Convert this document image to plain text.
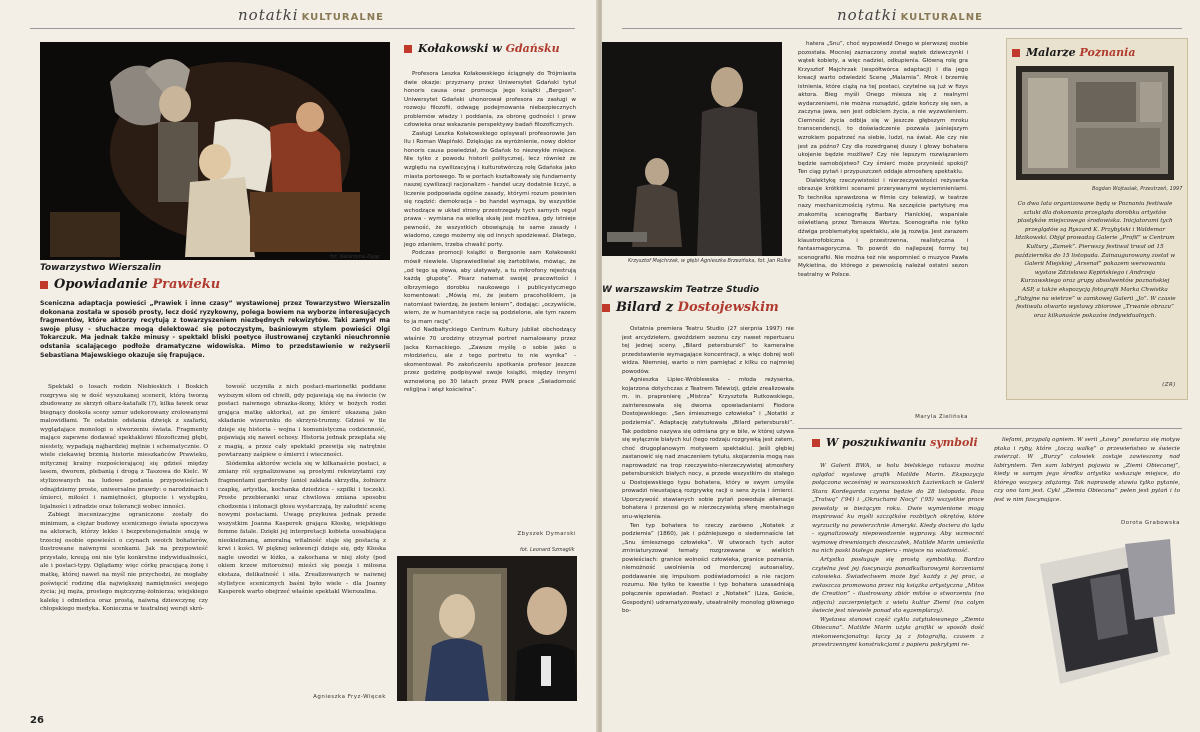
notatki KULTURALNE
fot. Katarzyna Zając
Towarzystwo Wierszalin
Opowiadanie Prawieku
Sceniczna adaptacja powieści „Prawiek i inne czasy” wystawionej przez Towarzystwo Wierszalin dokonana została w sposób prosty, lecz dość ryzykowny, polega bowiem na wyborze interesujących fragmentów, które aktorzy recytują z towarzyszeniem niezbędnych rekwizytów. Taki zamysł ma swoje plusy - słuchacze mogą delektować się potoczystym, baśniowym stylem powieści Olgi Tokarczuk. Ma jednak także minusy - spektakl bliski poetyce ilustrowanej czytanki nieuchronnie odstania scalającego podłoże dramatyczne widowiska. Mimo to przedstawienie w reżyserii Sebastiana Majewskiego okazuje się frapujące.

Spektakl o losach rodzin Niebieskich i Boskich rozgrywa się w dość wyszukanej scenerii, którą tworzą zbudowany ze skrzyń ołtarz-katafalk (?), kilka ławek oraz biegnący dookoła sceny sznur udekorowany zrolowanymi malowidłami. Te ostatnie odsłania dźwięk z szafarki, wyglądające monologi o stworzeniu świata. Fragmenty mające zapewne dodawać spektaklowi filozoficznej głębi, niestety, wypadają najbardziej mętnie i schematycznie. O wiele ciekawiej brzmią historie mieszkańców Prawieku, mitycznej krainy rozpościerającej się gdzieś między lasem, dworem, plebanią i drogą z Taszowa do Kielc. W stylizowanych na ludowe podania przypowieściach odnajdziemy proste, uniwersalne prawdy: o narodzinach i śmierci, miłości i namiętności, głupocie i występku, lojalności i zdradzie oraz tolerancji wobec inności.

Zabiegi inscenizacyjne ograniczone zostały do minimum, a ciężar budowy scenicznego świata spoczywa na aktorach, którzy lekko i bezpretensjonalnie snują w trzeciej osobie opowieści o czynach swoich bohaterów, ilustrowane naiwnymi scenkami. Jak na przypowieść przystało, kreują oni nie tyle konkretne indywidualności, ale i postaci-typy. Oglądamy więc córkę pracującą żonę i matkę, której nawet na myśl nie przychodzi, że mogłaby poświęcić rodzinę dla największej namiętności swojego życia; jej męża, prostego mężczyznę-żołnierza; wiejskiego kalekę i odmieńca oraz prostą, naiwną dziewczynę czy chłopskiego medyka. Konieczna w teatralnej wersji skró-

towość uczyniła z nich postaci-marionetki poddane wyższym siłom od chwili, gdy pojawiają się na świecie (w postaci naiwnego obrazka-ikony, który w bożych rodzi grająca matkę aktorka), aż po śmierć ukazaną jako składanie wizerunku do skrzyni-trumny. Gdzieś w tle dzieje się historia - wojna i komunistyczna codzienność, pojawiają się nawet echosy. Historia jednak przeplata się z magią, a przez cały spektakl przewija się natrętnie powtarzany zaśpiew o śmierci i wieczności.

Siódemka aktorów wciela się w kilkanaście postaci, a zmiany ról sygnalizowane są prostymi rekwizytami czy fragmentami garderoby (aniol zakłada skrzydła, żołnierz czapkę, artystka, kochanka dziedzica - szpilki i toczek). Proste przebieranki oraz chwilowa zmiana sposobu chodzenia i intonacji głosu wystarczają, by załudnić scenę nowymi postaciami. Uwagę przykuwa jednak przede wszystkim Joanna Kasperek grająca Kłoskę, wiejskiego femme fatale. Dzięki jej interpretacji kobieta uosabiająca nieokiełznaną, amoralną witalność staje się postacią z krwi i kości. W pięknej sekwencji dzieje się, gdy Kłoska nagle uwodzi w łóżku, a zakochana w niej złoty (pod okiem krzew mitorożnu) mieści się poezja i miłosna ekstaza, delikatność i siła. Zrealizowanych w naiwnej stylistyce scenicznych baśni było wiele - dla Joanny Kasperek warto obejrzeć właśnie spektakl Wierszalina.

Agnieszka Fryz-Więcek
Kołakowski w Gdańsku

Profesora Leszka Kołakowskiego ściągnęły do Trójmiasta dwie okazje: przyznany przez Uniwersytet Gdański tytuł honoris causa oraz promocja jego książki „Bergson”. Uniwersytet Gdański uhonorował profesora za zasługi w rozwoju filozofii, odwagę podejmowania niebezpiecznych problemów władzy i poddania, za obronę godności i praw człowieka oraz wskazanie perspektywy badań filozoficznych.

Zasługi Leszka Kołakowskiego opisywali profesorowie Jan Ilu i Roman Wapiński. Dziękując za wyróżnienie, nowy doktor honoris causa powiedział, że Gdańsk to niezwykłe miejsce. Nie tylko z powodu historii politycznej, lecz również ze względu na cywilizacyjną i kulturotwórczą rolę Gdańska jako miasta portowego. To w portach kształtowały się fundamenty naszej cywilizacji racjonalizm - handel uczy dodatnie liczyć, a liczenie podpowiada ogólne zasady, którymi rozum powinien się rządzić: demokracja - bo handel wymaga, by wszystkie wchodzące w układ strony przestrzegały tych samych reguł prawa - wymiana na wielką skalę jest możliwa, gdy istnieje pewność, że wszystkich obowiązują te same zasady i wiadomo, czego możemy się od innych spodziewać. Dlatego, jego zdaniem, trzeba chwalić porty.

Podczas promocji książki o Bergsonie sam Kołakowski mówił niewiele. Usprawiedliwiał się żartobliwie, mówiąc, że „od tego są słowa, aby ulatywały, a tu mikrofony rejestrują każdą głupotę”. Pisarz natemat swojej pracowitości i olbrzymiego dorobku naukowego i publicystycznego komentował: „Mówią mi, że jestem pracoholikiem, ja natomiast twierdzę, że jestem leniem”, dodając: „oczywiście, wiem, że w humanistyce racje są podzielone, ale tym razem to ja mam rację”.

Od Nadbałtyckiego Centrum Kultury jubilat obchodzący właśnie 70 urodziny otrzymał portret namalowany przez Jacka Kornackiego. „Zawsze myślę o sobie jako o młodzieńcu, ale z tego portretu to nie wynika” - skomentował. Po zakończeniu spotkania profesor jeszcze przez godzinę podpisywał swoje książki, między innymi wznowioną po 30 latach przez PWN prace „Świadomość religijna i więź kościelna”.

Zbyszek Dymarski
fot. Leonard Szmaglik
26
notatki KULTURALNE
Krzysztof Majchrzak, w głębi Agnieszka Brzezińska, fot. Jan Rolke
W warszawskim Teatrze Studio
Bilard z Dostojewskim

Ostatnia premiera Teatru Studio (27 sierpnia 1997) nie jest arcydziełem, gwoździem sezonu czy nawet repertuaru tej jednej sceny. „Bilard petersburski” to kameralne przedstawienie wymagające koncentracji, a więc dobrej woli widza. Niemniej, warto o nim pamiętać z kilku co najmniej powodów.

Agnieszka Lipiec-Wróblewska - młoda reżyserka, kojarzona dotychczas z Teatrem Telewizji, gdzie zrealizowała m. in. praprenierę „Mistrza” Krzysztofa Rutkowskiego, zainteresowała się dwoma opowiadaniami Fiodora Dostojewskiego: „Sen śmiesznego człowieka” i „Notatki z podziemia”. Adaptację zatytułowała „Bilard petersburski”. Tak podobno nazywa się odmiana gry w bile, w której używa się wyłącznie białych kul (tego rodzaju rozgrywką jest zatem, choć drugoplanowym motywem spektaklu). Jeśli głębiej zastanowić się nad znaczeniem tytułu, skojarzenia mogą nas naprowadzić na trop rzeczywisto-nierzeczywistej atmosfery petersburskich białych nocy, a przede wszystkim do stałego u Dostojewskiego typu bohatera, który w swym umyśle prowadzi nieustającą rozgrywkę racji o sens życia i śmierci. Uporczywość stawianych sobie pytań powoduje alienacje bohatera i przenosi go w nierzeczywistą sferę mentalnego snu-więzienia.

Ten typ bohatera to rzeczy zarówno „Notatek z podziemia” (1860), jak i późniejszego o siedemnaście lat „Snu śmiesznego człowieka”. W utworach tych autor zminiaturyzował tematy rozgrzewane w wielkich powieściach: granice wolności człowieka, granice poznania, niemożność uwolnienia od morderczej autoanalizy, poddawanie się impulsom podświadomości a nie racjom rozumu. Nie tylko te kwestie i typ bohatera uzasadniają połączenie opowiadań. Postaci z „Notatek” (Liza, Goście, Gospodyni) udramatyzowały, uteatralniły monolog głównego bo-

hatera „Snu”, choć wypowiedź Onego w pierwszej osobie pozostała. Mocniej zaznaczony został wątek dziewczynki i wątek kobiety, a więc nadziei, odkupienia. Główną rolę gra Krzysztof Majchrzak (współtwórca adaptacji) i dla jego kreacji warto odwiedzić Scenę „Malarnia”. Mrok i brzemię istnienia, które ciążą na tej postaci, czytelne są już w fizys aktora. Bieg myśli Onego miesza się z realnymi wydarzeniami, nie można rozsądzić, gdzie kończy się sen, a zaczyna jawa, sen jest odbiciem życia, a nie wyzwoleniem. Ciemność życia odbija się w jeszcze głębszym mroku transcendencji, to doświadczenie pozwala jaśniejszym wzrokiem popatrzeć na siebie, ludzi, na świat. Ale czy nie jest za późno? Czy dla rozedrganej duszy i głowy bohatera ukojenie będzie możliwe? Czy nie lepszym rozwiązaniem będzie samobójstwo? Czy śmierć może przynieść spokój? Ten ciąg pytań i przypuszczeń oddaje atmosferę spektaklu.

Dialektykę rzeczywistości i nierzeczywistości reżyserka obrazuje krótkimi scenami przerywanymi wyciemnieniami. To technika sprawdzona w filmie czy telewizji, w teatrze nazy mechanicznością rytmu. Na szczęście partyturę ma znakomitą scenografię Barbary Hanickiej, wspaniale oświetlaną przez Tomasza Wertza. Scenografia nie tylko dźwiga problematykę spektaklu, ale ją rozwija. Jest zarazem klaustrofobiczna i przestrzenna, realistyczna i fantasmagoryczna. To powrót do najlepszej formy tej scenografki. Nie można też nie wspomnieć o muzyce Pawła Mykietina, do którego z pewnością należał ostatni sezon teatralny w Polsce.

Maryla Zielińska
Malarze Poznania
Bogdan Wojtasiak, Przestrzeń, 1997
Co dwa lata organizowane będą w Poznaniu festiwale sztuki dla dokonania przeglądu dorobku artystów plastyków miejscowego środowiska. Inicjatorami tych przeglądów są Ryszard K. Przybylski i Waldemar Idzikowski. Objął prowadzą Galerie „Profil” w Centrum Kultury „Zamek”. Pierwszy festiwal trwał od 15 października do 15 listopada. Zainaugurowany został w Galerii Miejskiej „Arsenał” pokazem wersowaniu wystaw Zdzisława Kępińskiego i Andrzeja Kurzawskiego oraz grupy absolwentów poznańskiej ASP, a także ekspozycją fotografii Marka Chwistka „Fabyjne na wietrze” w zamkowej Galerii „Jo”. W czasie festiwalu otwarto wystawy zbiorowe „Trwanie obrazu” oraz kilkanaście pokazów indywidualnych.
(ZR)
W poszukiwaniu symboli

W Galerii BWA, w holu bielskiego ratusza można oglądać wystawę grafik Matilde Marin. Ekspozycja połączona wcześniej w warszawskich Łazienkach w Galerii Stara Kordegarda czynna będzie do 28 listopada. Poza „Tratwą” ('94) i „Okruchami Nocy” ('95) wszystkie prace powstały w bieżącym roku. Dwie wymienione mogą inspirować ku myśli szczątków rozbitych okrętów, które wyrzuciły na powierzchnie Ameryki. Kiedy dociera do lądu - sygnalizowały niepowodzenie wyprawy. Aby wzmocnić wymowę drewnianych deszczułek, Matilde Marin umieściła na nich paski białego papieru - miejsce na wiadomość.

Artystka posługuje się prostą symboliką. Bardzo czytelna jest jej fascynacja ponadkulturowymi korzeniami człowieka. Świadectwem może być każdy z jej prac, a zwłaszcza promowana przez nią książka artystyczna „Mitos de Creation” - ilustrowany zbiór mitów o stworzeniu (no zdjęciu) zaczerpniętych z wielu kultur Ziemi (na całym świecie jest niewiele ponad sto egzemplarzy).

Wystawa stanowi część cyklu zatytułowanego „Ziemia Obiecana”. Matilde Marin użyła grafiki w sposób dość niekonwencjonalny: łączy ją z fotografią, czasem z przestrzennymi konstrukcjami z papieru pokrytymi re-

liefami, przypalą ogniem. W serii „Łowy” powtarza się motyw ptaka i ryby, które „toczą walkę” o przewieństwo w świecie zwierząt. W „Burzy” człowiek zostaje zawieszony nad labiryntem. Ten sam labirynt pojawia w „Ziemi Obiecanej”, kiedy w samym jego środku artystka wskazuje miejsce, do którego wszyscy zdążamy. Tak naprawdę stawia tylko pytanie, czy ono tam jest. Cykl „Ziemia Obiecana” pełen jest pytań i to jest w nim fascynujące.

Dorota Grabowska
